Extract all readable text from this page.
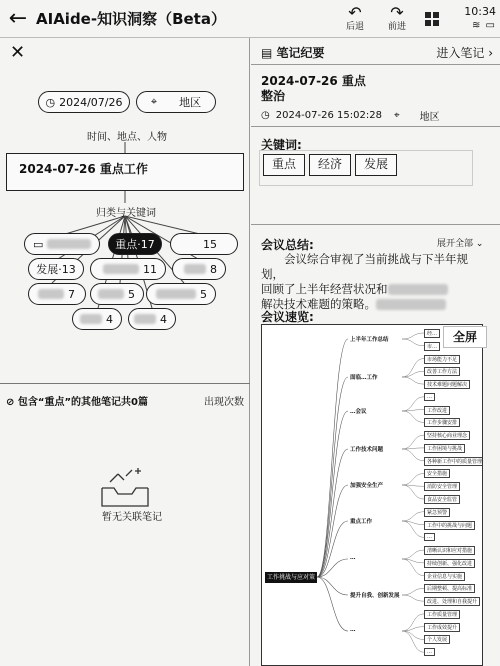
← AIAide-知识洞察（Beta）	↶
后退
↷
前进
10:34
≋ ▭
✕
◷ 2024/07/26	⌖ 地区
时间、地点、人物
2024-07-26 重点工作
归类与关键词
▭	重点 ·17	15
发展 ·13	11	8
7	5	5
4	4
⊘ 包含“重点”的其他笔记共0篇	出现次数
暂无关联笔记
▤ 笔记纪要	进入笔记 ›
2024-07-26 重点
整治
◷ 2024-07-26 15:02:28 ⌖ 地区
关键词:
重点	经济	发展
会议总结:	展开全部 ⌄
会议综合审视了当前挑战与下半年规划，
回顾了上半年经营状况和
解决技术难题的策略。
会议速览:
工作挑战与应对策略
上半年工作总结
面临…工作
…会议
工作技术问题
加强安全生产
重点工作
…
提升自我、创新发展
…
经…
市…
市场能力不足
改善工作方法
技术难题问题解决
…
工作改进
工作步骤安排
坚持核心商业理念
工作困境与挑战
各种新工作中的质量管理
安全措施
消防安全管理
食品安全监管
紧急预警
工作中的挑战与问题
…
清晰认识和应对措施
持续创新、强化改进
企业信息与实施
后期整顿、提高标准
改进、处理和自我提升
工作质量管理
工作成效提升
个人发展
…
全屏
